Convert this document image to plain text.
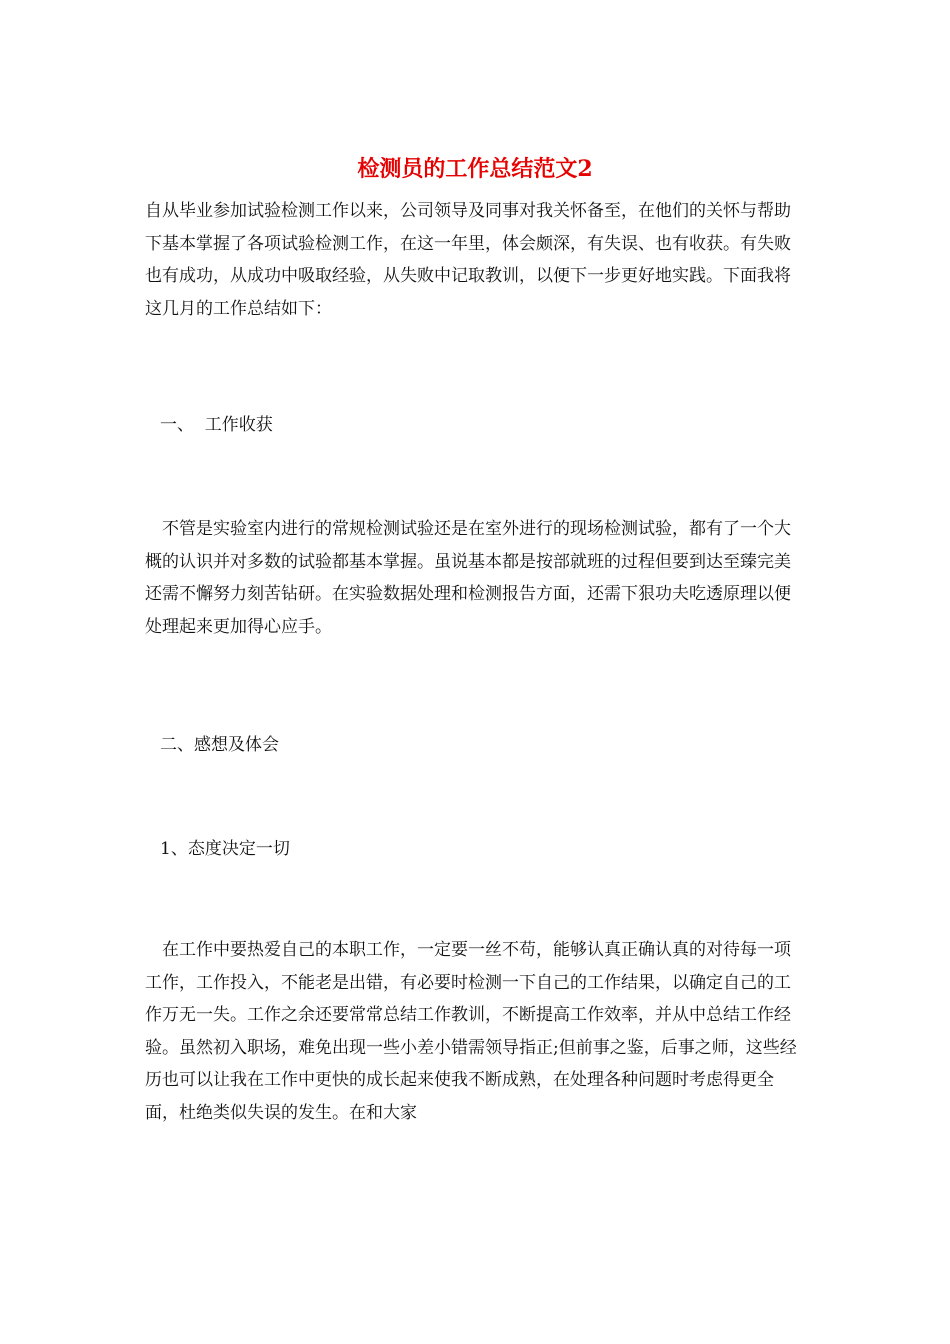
检测员的工作总结范文2
自从毕业参加试验检测工作以来，公司领导及同事对我关怀备至，在他们的关怀与帮助下基本掌握了各项试验检测工作，在这一年里，体会颇深，有失误、也有收获。有失败也有成功，从成功中吸取经验，从失败中记取教训，以便下一步更好地实践。下面我将这几月的工作总结如下：
一、  工作收获
不管是实验室内进行的常规检测试验还是在室外进行的现场检测试验，都有了一个大概的认识并对多数的试验都基本掌握。虽说基本都是按部就班的过程但要到达至臻完美还需不懈努力刻苦钻研。在实验数据处理和检测报告方面，还需下狠功夫吃透原理以便处理起来更加得心应手。
二、感想及体会
1、态度决定一切
在工作中要热爱自己的本职工作，一定要一丝不苟，能够认真正确认真的对待每一项工作，工作投入，不能老是出错，有必要时检测一下自己的工作结果，以确定自己的工作万无一失。工作之余还要常常总结工作教训，不断提高工作效率，并从中总结工作经验。虽然初入职场，难免出现一些小差小错需领导指正;但前事之鉴，后事之师，这些经历也可以让我在工作中更快的成长起来使我不断成熟，在处理各种问题时考虑得更全面，杜绝类似失误的发生。在和大家
